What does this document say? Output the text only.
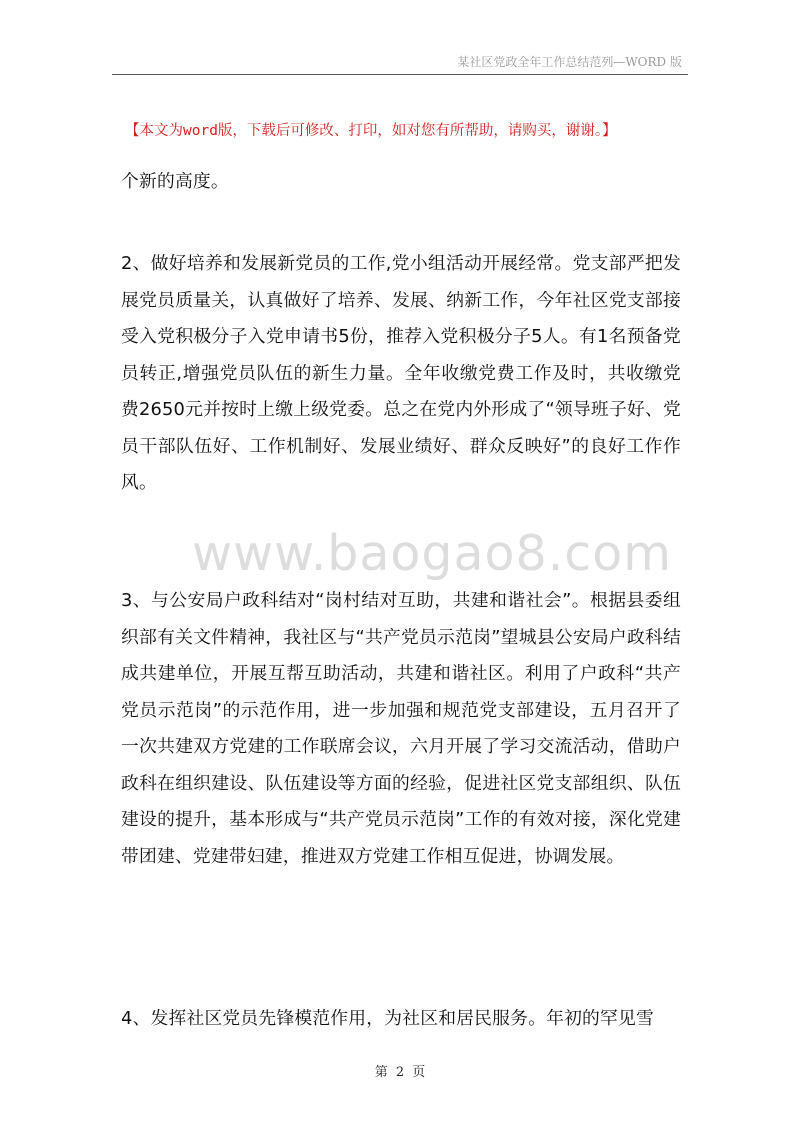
某社区党政全年工作总结范列—WORD 版
【本文为word版，下载后可修改、打印，如对您有所帮助，请购买，谢谢。】
个新的高度。
2、做好培养和发展新党员的工作,党小组活动开展经常。党支部严把发展党员质量关，认真做好了培养、发展、纳新工作，今年社区党支部接受入党积极分子入党申请书5份，推荐入党积极分子5人。有1名预备党员转正,增强党员队伍的新生力量。全年收缴党费工作及时，共收缴党费2650元并按时上缴上级党委。总之在党内外形成了“领导班子好、党员干部队伍好、工作机制好、发展业绩好、群众反映好”的良好工作作风。
www.baogao8.com
3、与公安局户政科结对“岗村结对互助，共建和谐社会”。根据县委组织部有关文件精神，我社区与“共产党员示范岗”望城县公安局户政科结成共建单位，开展互帮互助活动，共建和谐社区。利用了户政科“共产党员示范岗”的示范作用，进一步加强和规范党支部建设，五月召开了一次共建双方党建的工作联席会议，六月开展了学习交流活动，借助户政科在组织建设、队伍建设等方面的经验，促进社区党支部组织、队伍建设的提升，基本形成与“共产党员示范岗”工作的有效对接，深化党建带团建、党建带妇建，推进双方党建工作相互促进，协调发展。
4、发挥社区党员先锋模范作用，为社区和居民服务。年初的罕见雪
第 2 页
